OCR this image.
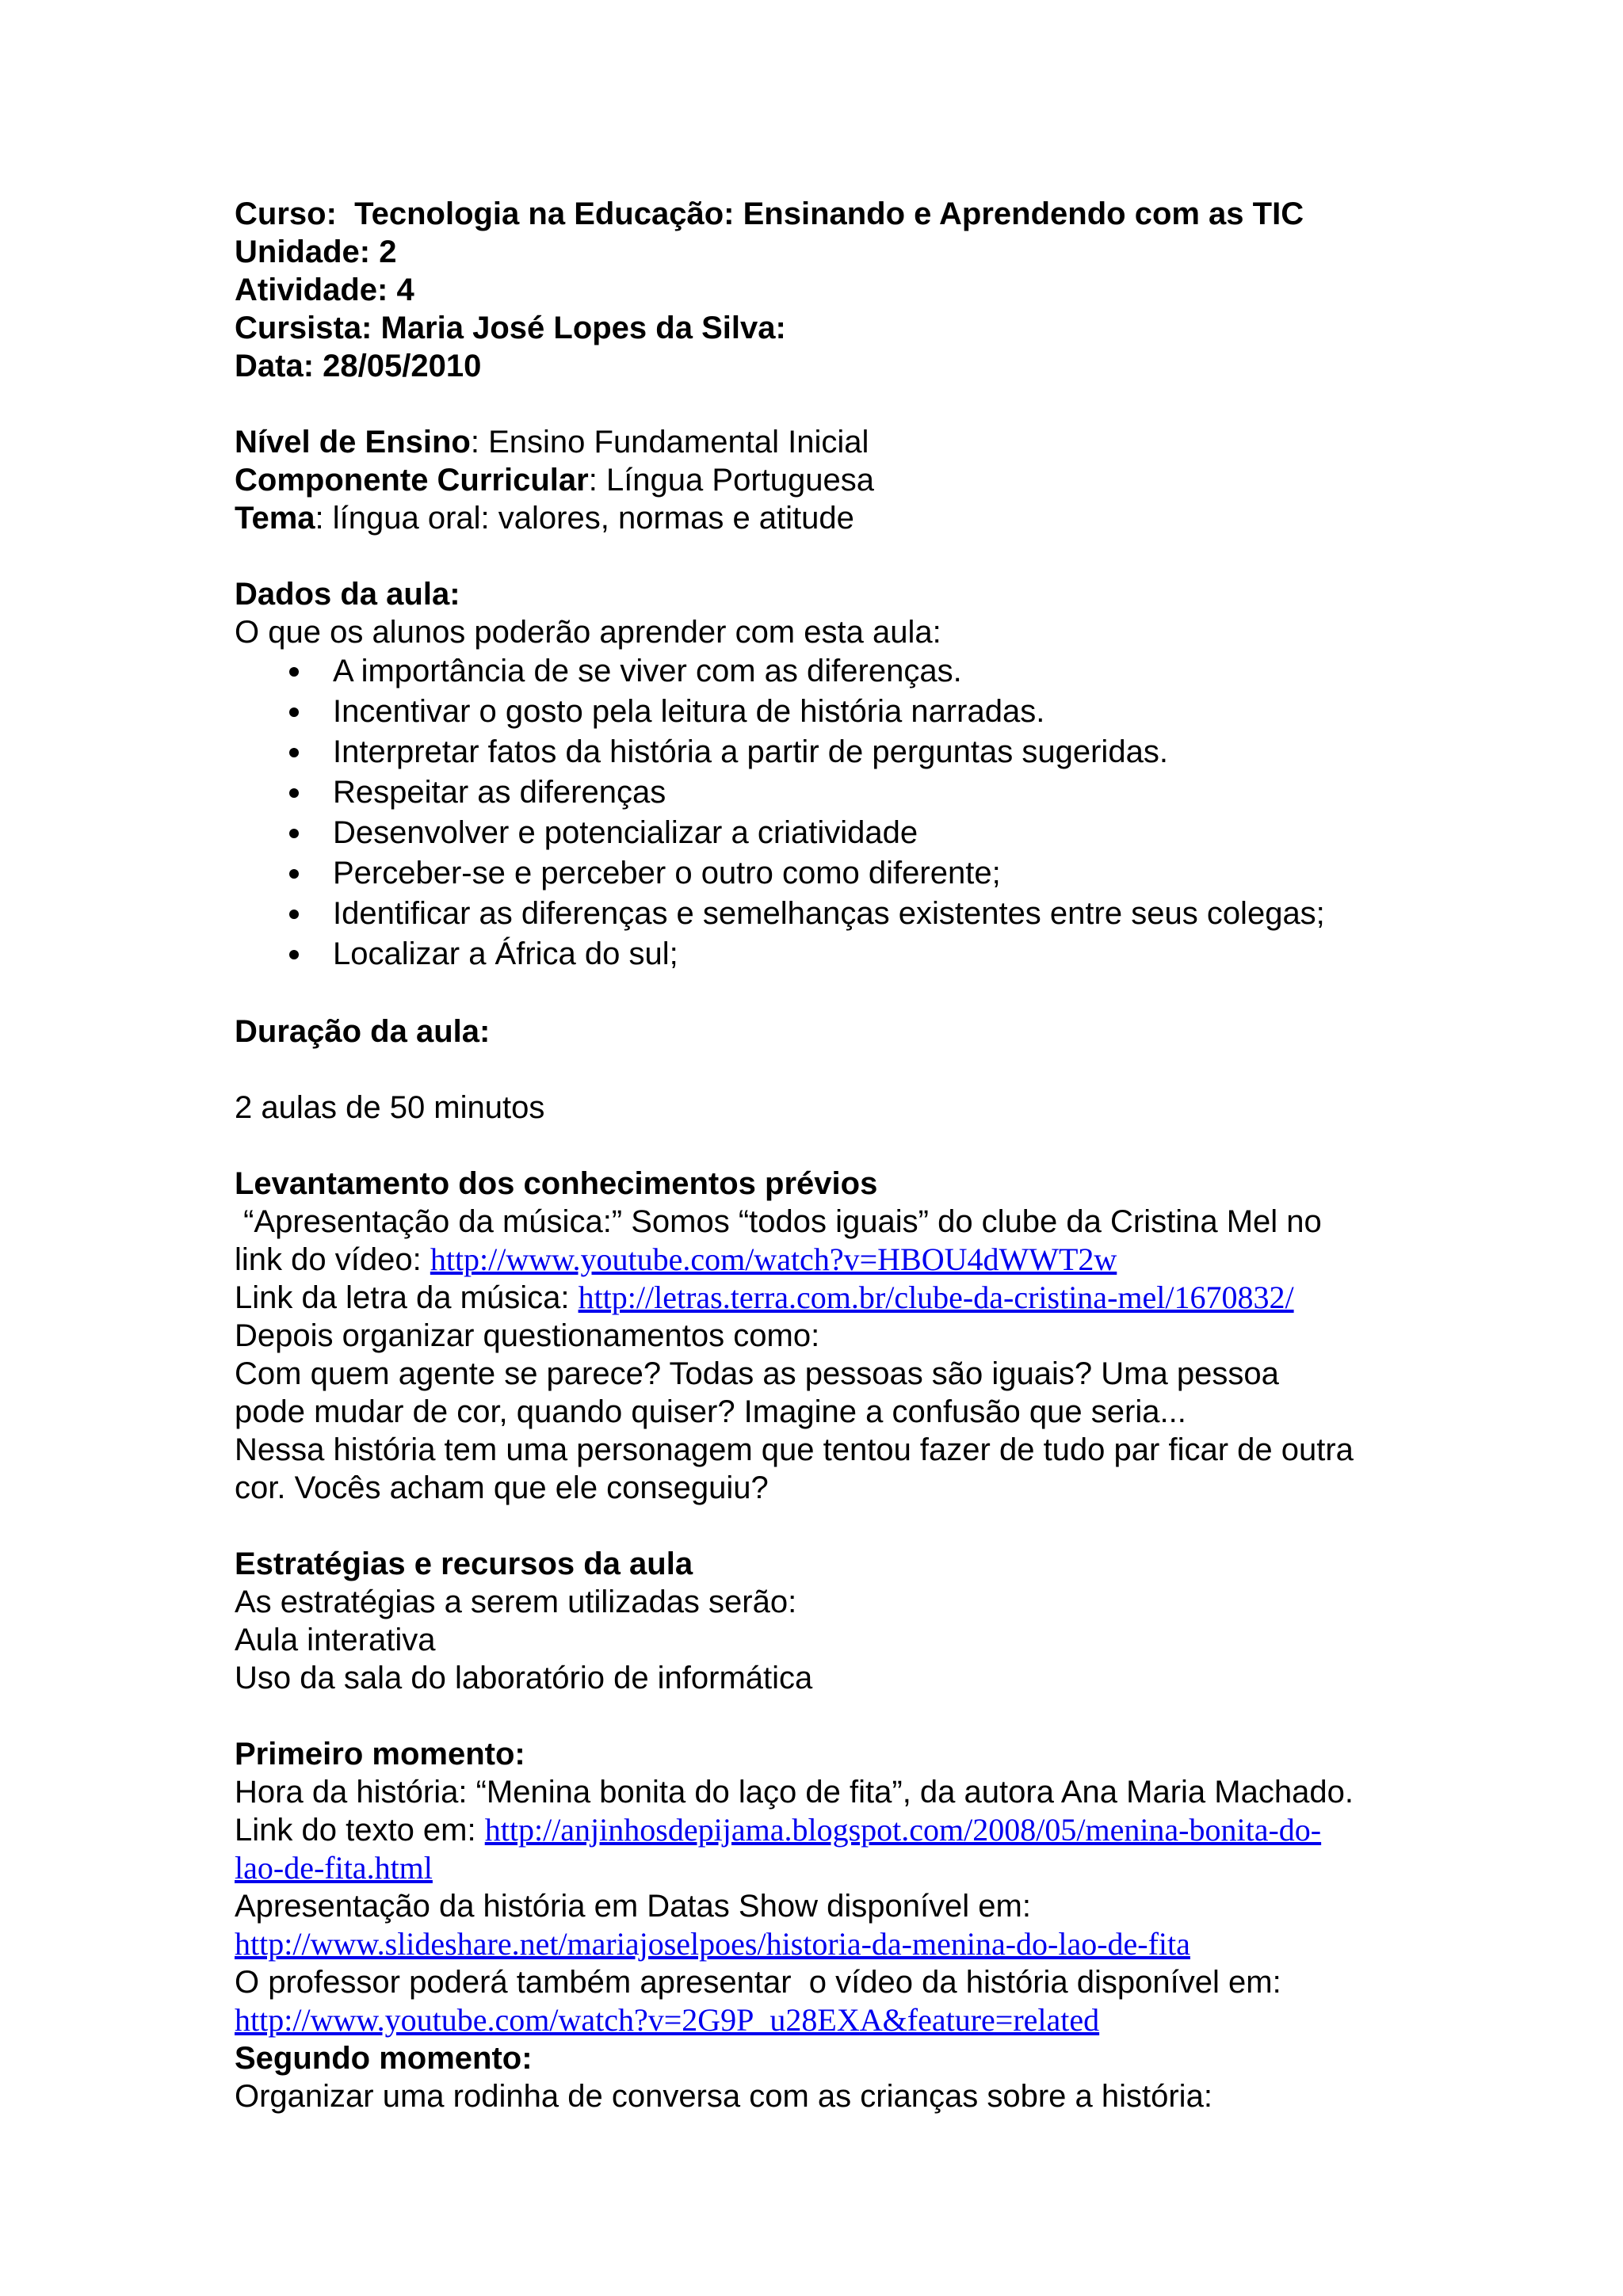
Curso: Tecnologia na Educação: Ensinando e Aprendendo com as TIC
Unidade: 2
Atividade: 4
Cursista: Maria José Lopes da Silva:
Data: 28/05/2010
Nível de Ensino: Ensino Fundamental Inicial
Componente Curricular: Língua Portuguesa
Tema: língua oral: valores, normas e atitude
Dados da aula:
O que os alunos poderão aprender com esta aula:
A importância de se viver com as diferenças.
Incentivar o gosto pela leitura de história narradas.
Interpretar fatos da história a partir de perguntas sugeridas.
Respeitar as diferenças
Desenvolver e potencializar a criatividade
Perceber-se e perceber o outro como diferente;
Identificar as diferenças e semelhanças existentes entre seus colegas;
Localizar a África do sul;
Duração da aula:
2 aulas de 50 minutos
Levantamento dos conhecimentos prévios
“Apresentação da música:” Somos “todos iguais” do clube da Cristina Mel no
link do vídeo: http://www.youtube.com/watch?v=HBOU4dWWT2w
Link da letra da música: http://letras.terra.com.br/clube-da-cristina-mel/1670832/
Depois organizar questionamentos como:
Com quem agente se parece? Todas as pessoas são iguais? Uma pessoa
pode mudar de cor, quando quiser? Imagine a confusão que seria...
Nessa história tem uma personagem que tentou fazer de tudo par ficar de outra
cor. Vocês acham que ele conseguiu?
Estratégias e recursos da aula
As estratégias a serem utilizadas serão:
Aula interativa
Uso da sala do laboratório de informática
Primeiro momento:
Hora da história: “Menina bonita do laço de fita”, da autora Ana Maria Machado.
Link do texto em: http://anjinhosdepijama.blogspot.com/2008/05/menina-bonita-do-
lao-de-fita.html
Apresentação da história em Datas Show disponível em:
http://www.slideshare.net/mariajoselpoes/historia-da-menina-do-lao-de-fita
O professor poderá também apresentar  o vídeo da história disponível em:
http://www.youtube.com/watch?v=2G9P_u28EXA&feature=related
Segundo momento:
Organizar uma rodinha de conversa com as crianças sobre a história:
